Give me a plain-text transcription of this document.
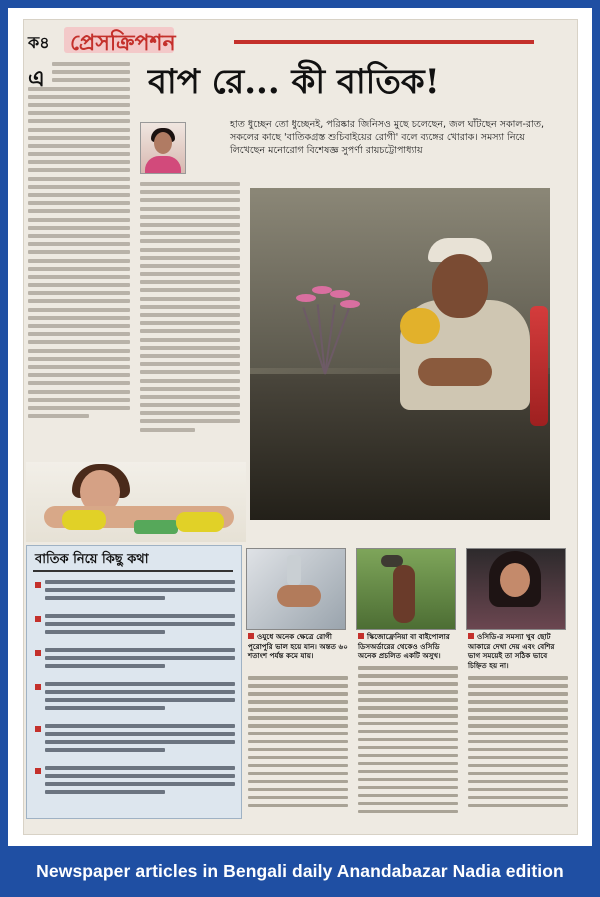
ক৪ প্রেসক্রিপশন
বাপ রে... কী বাতিক!
হাত ধুচ্ছেন তো ধুচ্ছেনই, পরিষ্কার জিনিসও মুছে চলেছেন, জল ঘাঁটছেন সকাল-রাত, সকলের কাছে 'বাতিকগ্রস্ত শুচিবাইয়ের রোগী' বলে ব্যঙ্গের খোরাক। সমস্যা নিয়ে লিখেছেন মনোরোগ বিশেষজ্ঞ সুপর্ণা রায়চট্টোপাধ্যায়
এ
বাতিক নিয়ে কিছু কথা
ওযুধে অনেক ক্ষেত্রে রোগী পুরোপুরি ভাল হয়ে যান। অন্তত ৬০ শতাংশ পর্যন্ত কমে যায়।
স্কিজোফ্রেনিয়া বা বাইপোলার ডিসঅর্ডারের থেকেও ওসিডি অনেক প্রচলিত একটি অসুখ।
ওসিডি-র সমস্যা খুব ছোট আকারে দেখা দেয় এবং বেশির ভাগ সময়েই তা সঠিক ভাবে চিহ্নিত হয় না।
Newspaper articles in Bengali daily Anandabazar Nadia edition
